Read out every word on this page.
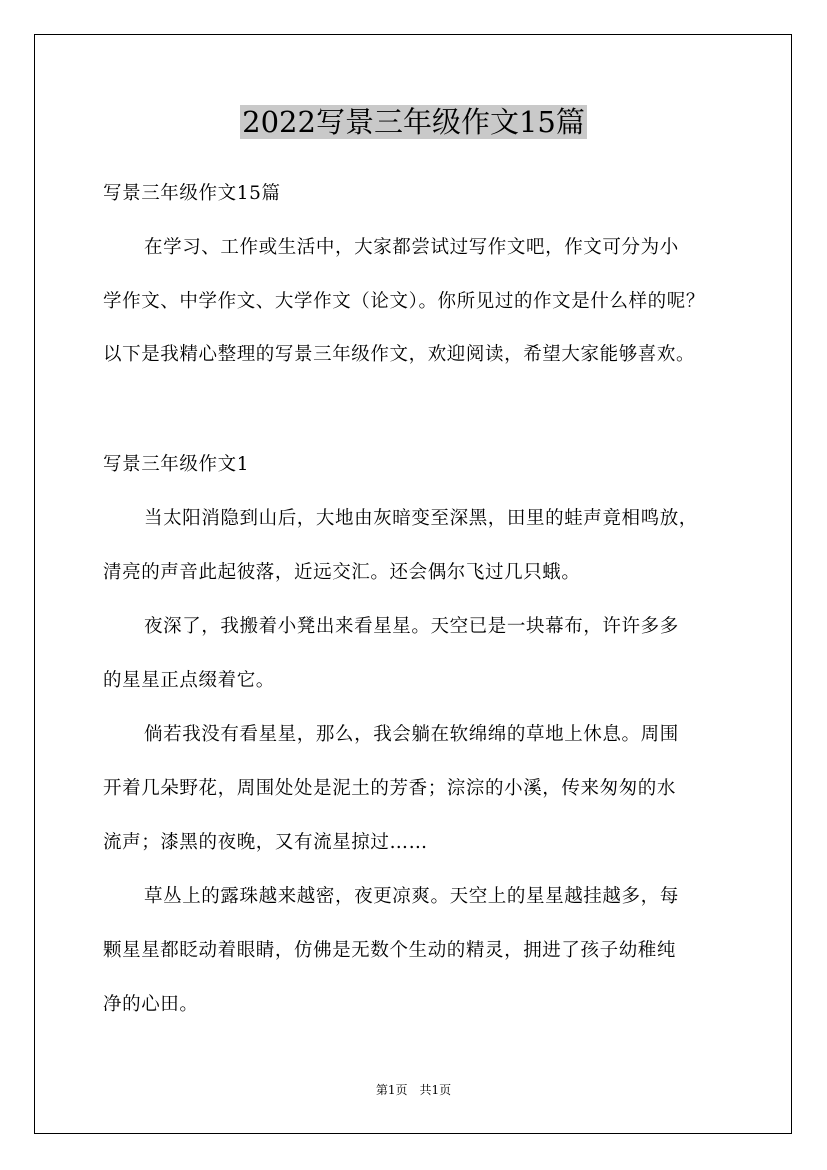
2022写景三年级作文15篇
写景三年级作文15篇
在学习、工作或生活中，大家都尝试过写作文吧，作文可分为小
学作文、中学作文、大学作文（论文）。你所见过的作文是什么样的呢？
以下是我精心整理的写景三年级作文，欢迎阅读，希望大家能够喜欢。
写景三年级作文1
当太阳消隐到山后，大地由灰暗变至深黑，田里的蛙声竟相鸣放，
清亮的声音此起彼落，近远交汇。还会偶尔飞过几只蛾。
夜深了，我搬着小凳出来看星星。天空已是一块幕布，许许多多
的星星正点缀着它。
倘若我没有看星星，那么，我会躺在软绵绵的草地上休息。周围
开着几朵野花，周围处处是泥土的芳香；淙淙的小溪，传来匆匆的水
流声；漆黑的夜晚，又有流星掠过……
草丛上的露珠越来越密，夜更凉爽。天空上的星星越挂越多，每
颗星星都眨动着眼睛，仿佛是无数个生动的精灵，拥进了孩子幼稚纯
净的心田。
第1页　共1页
